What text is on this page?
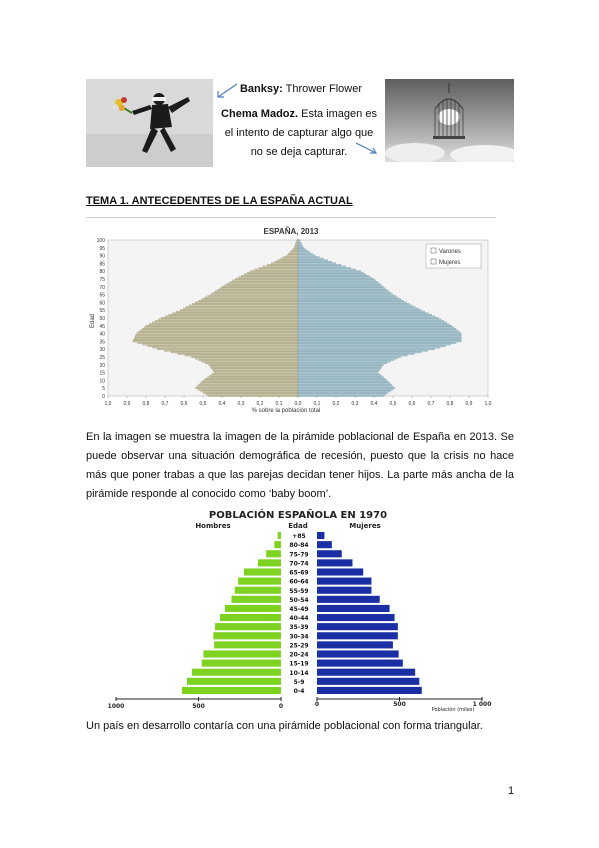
Banksy: Thrower Flower
Chema Madoz. Esta imagen es el intento de capturar algo que no se deja capturar.
TEMA 1. ANTECEDENTES DE LA ESPAÑA ACTUAL
ESPAÑA, 2013
0
5
10
15
20
25
30
35
40
45
50
55
60
65
70
75
80
85
90
95
100
1,0 0,9 0,8 0,7 0,6 0,5 0,4 0,3 0,2 0,1 0,0 0,1 0,2 0,3 0,4 0,5 0,6 0,7 0,8 0,9 1,0
Edad
% sobre la población total
Varones
Mujeres
En la imagen se muestra la imagen de la pirámide poblacional de España en 2013. Se puede observar una situación demográfica de recesión, puesto que la crisis no hace más que poner trabas a que las parejas decidan tener hijos. La parte más ancha de la pirámide responde al conocido como ‘baby boom’.
POBLACIÓN ESPAÑOLA EN 1970
Hombres	Edad	Mujeres
+85
80-84
75-79
70-74
65-69
60-64
55-59
50-54
45-49
40-44
35-39
30-34
25-29
20-24
15-19
10-14
5-9
0-4
1000	500	0	0	500	1 000
Población (miles)
Un país en desarrollo contaría con una pirámide poblacional con forma triangular.
1
